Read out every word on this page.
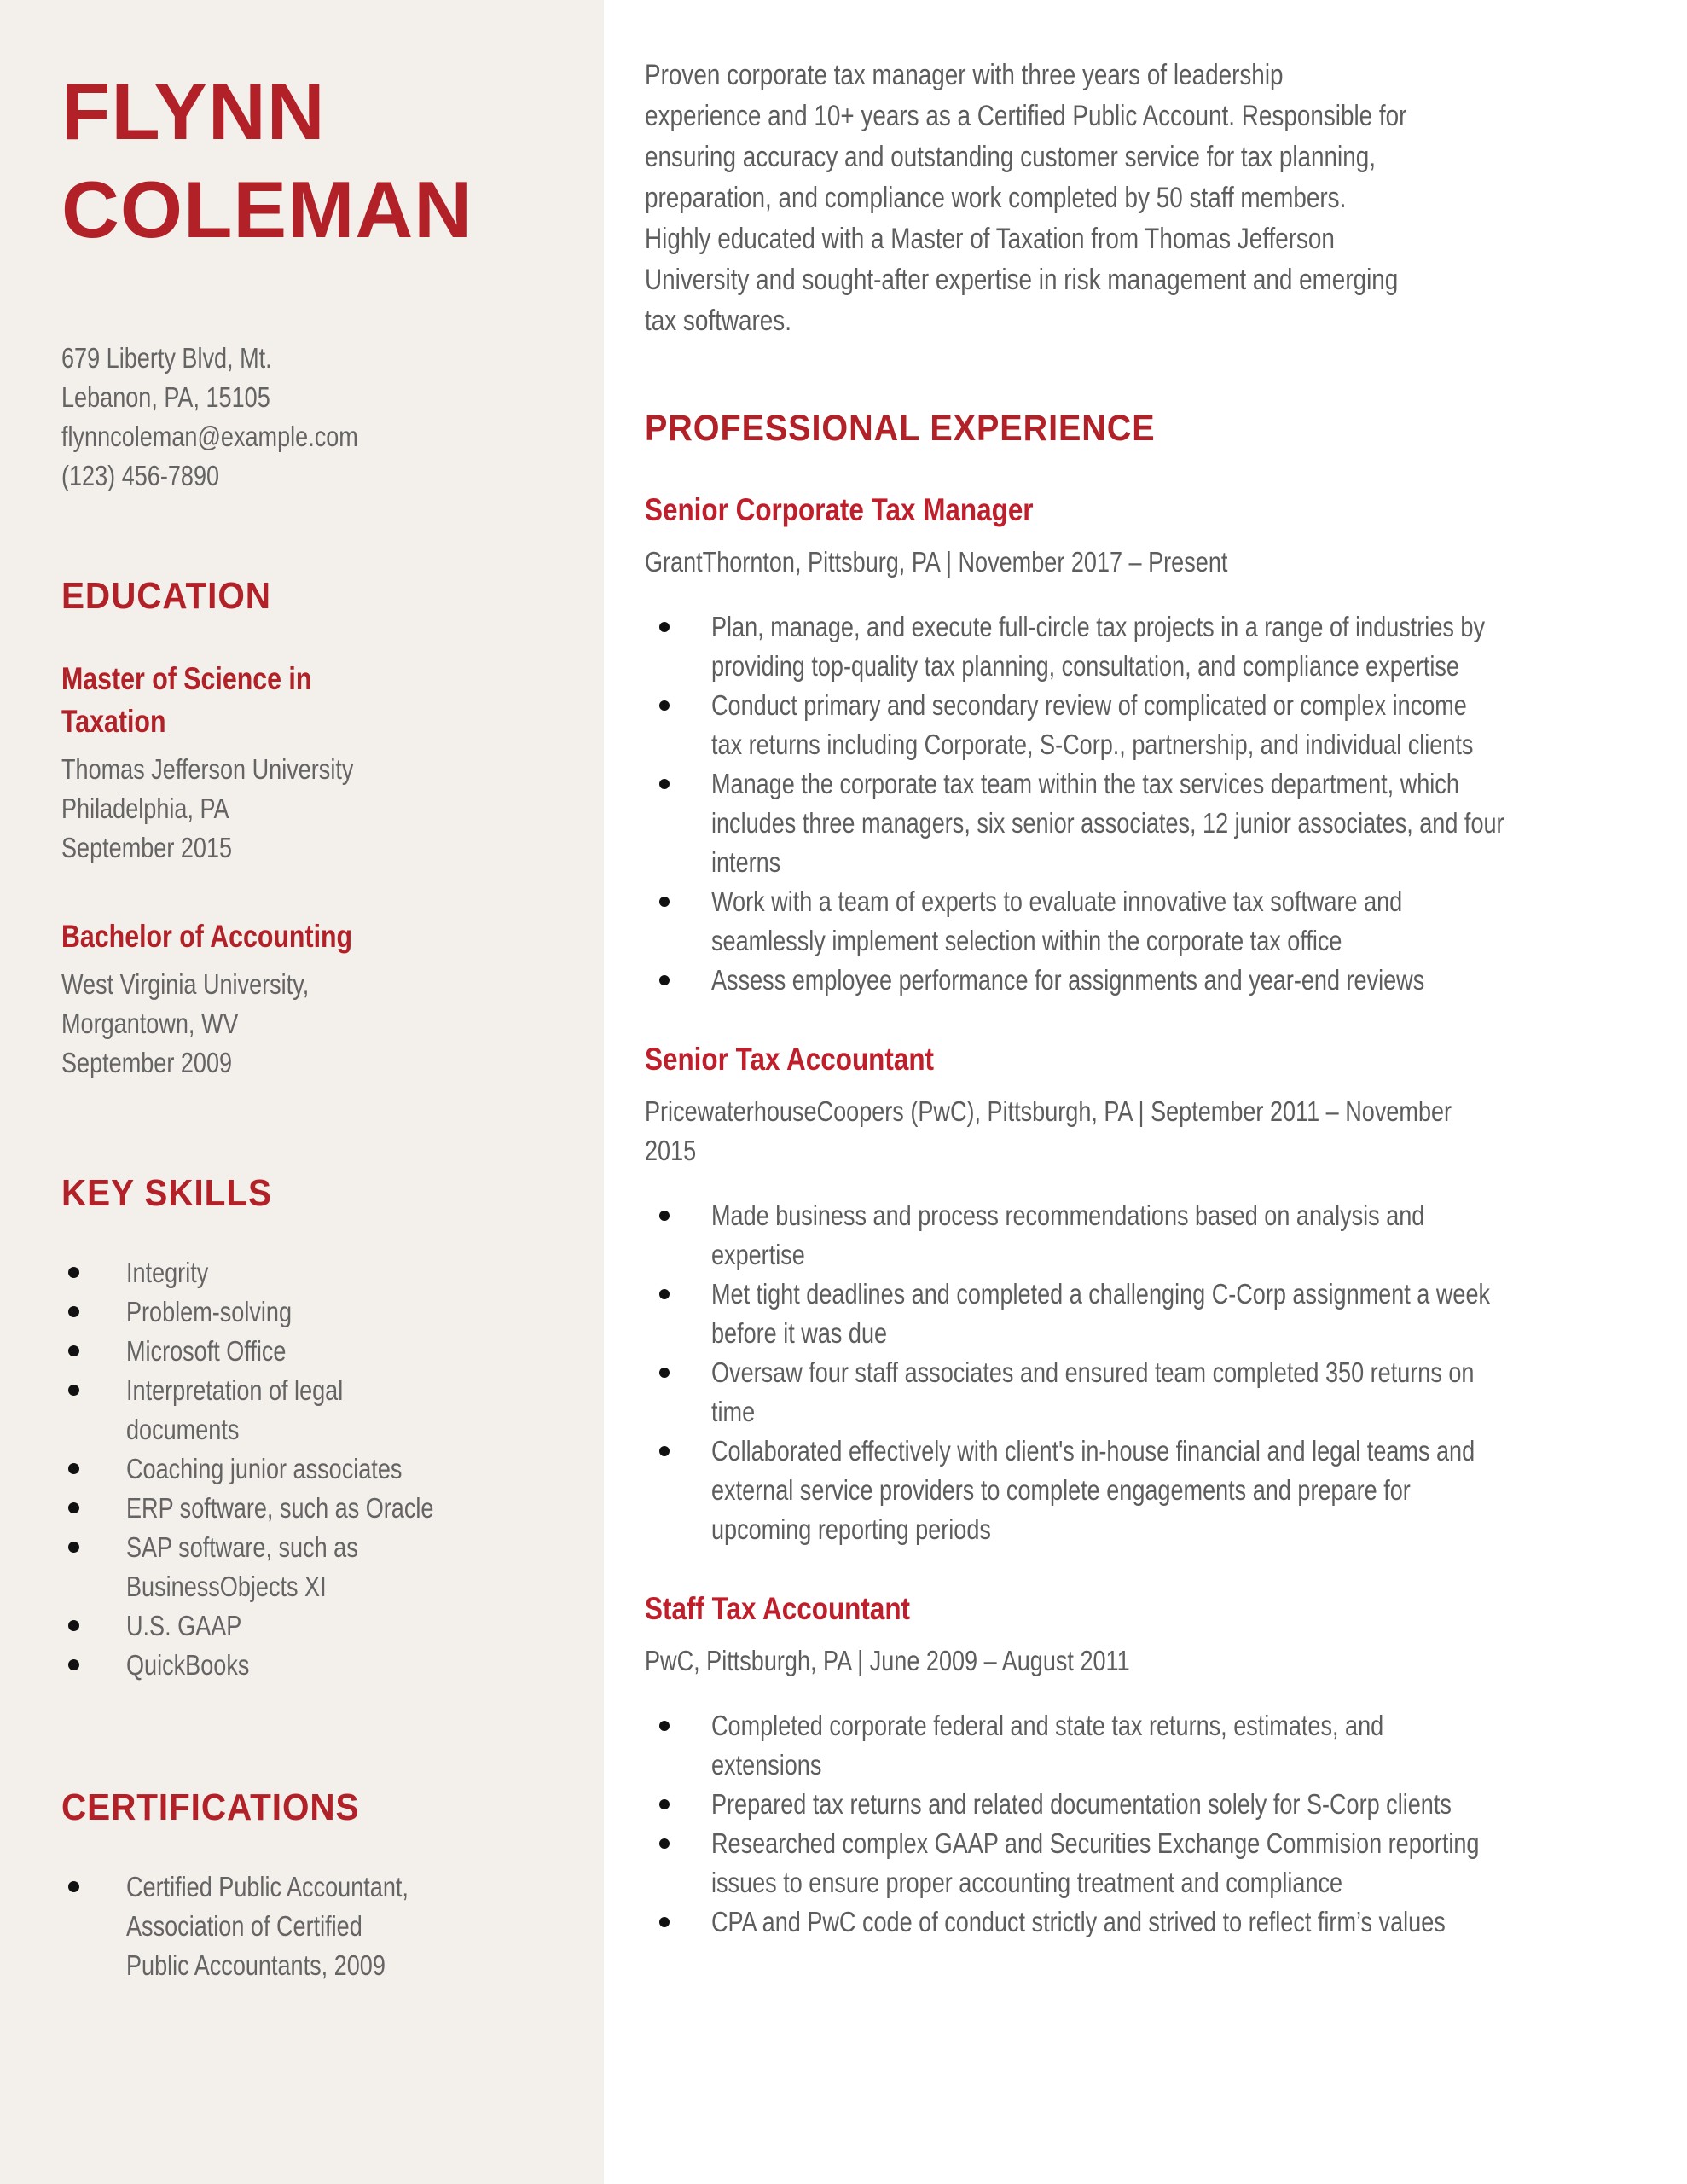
FLYNN
COLEMAN
679 Liberty Blvd, Mt.
Lebanon, PA, 15105
flynncoleman@example.com
(123) 456-7890
EDUCATION
Master of Science in
Taxation
Thomas Jefferson University
Philadelphia, PA
September 2015
Bachelor of Accounting
West Virginia University,
Morgantown, WV
September 2009
KEY SKILLS
Integrity
Problem-solving
Microsoft Office
Interpretation of legal
documents
Coaching junior associates
ERP software, such as Oracle
SAP software, such as
BusinessObjects XI
U.S. GAAP
QuickBooks
CERTIFICATIONS
Certified Public Accountant,
Association of Certified
Public Accountants, 2009
Proven corporate tax manager with three years of leadership
experience and 10+ years as a Certified Public Account. Responsible for
ensuring accuracy and outstanding customer service for tax planning,
preparation, and compliance work completed by 50 staff members.
Highly educated with a Master of Taxation from Thomas Jefferson
University and sought-after expertise in risk management and emerging
tax softwares.
PROFESSIONAL EXPERIENCE
Senior Corporate Tax Manager
GrantThornton, Pittsburg, PA | November 2017 – Present
Plan, manage, and execute full-circle tax projects in a range of industries by
providing top-quality tax planning, consultation, and compliance expertise
Conduct primary and secondary review of complicated or complex income
tax returns including Corporate, S-Corp., partnership, and individual clients
Manage the corporate tax team within the tax services department, which
includes three managers, six senior associates, 12 junior associates, and four
interns
Work with a team of experts to evaluate innovative tax software and
seamlessly implement selection within the corporate tax office
Assess employee performance for assignments and year-end reviews
Senior Tax Accountant
PricewaterhouseCoopers (PwC), Pittsburgh, PA | September 2011 – November
2015
Made business and process recommendations based on analysis and
expertise
Met tight deadlines and completed a challenging C-Corp assignment a week
before it was due
Oversaw four staff associates and ensured team completed 350 returns on
time
Collaborated effectively with client's in-house financial and legal teams and
external service providers to complete engagements and prepare for
upcoming reporting periods
Staff Tax Accountant
PwC, Pittsburgh, PA | June 2009 – August 2011
Completed corporate federal and state tax returns, estimates, and
extensions
Prepared tax returns and related documentation solely for S-Corp clients
Researched complex GAAP and Securities Exchange Commision reporting
issues to ensure proper accounting treatment and compliance
CPA and PwC code of conduct strictly and strived to reflect firm’s values
